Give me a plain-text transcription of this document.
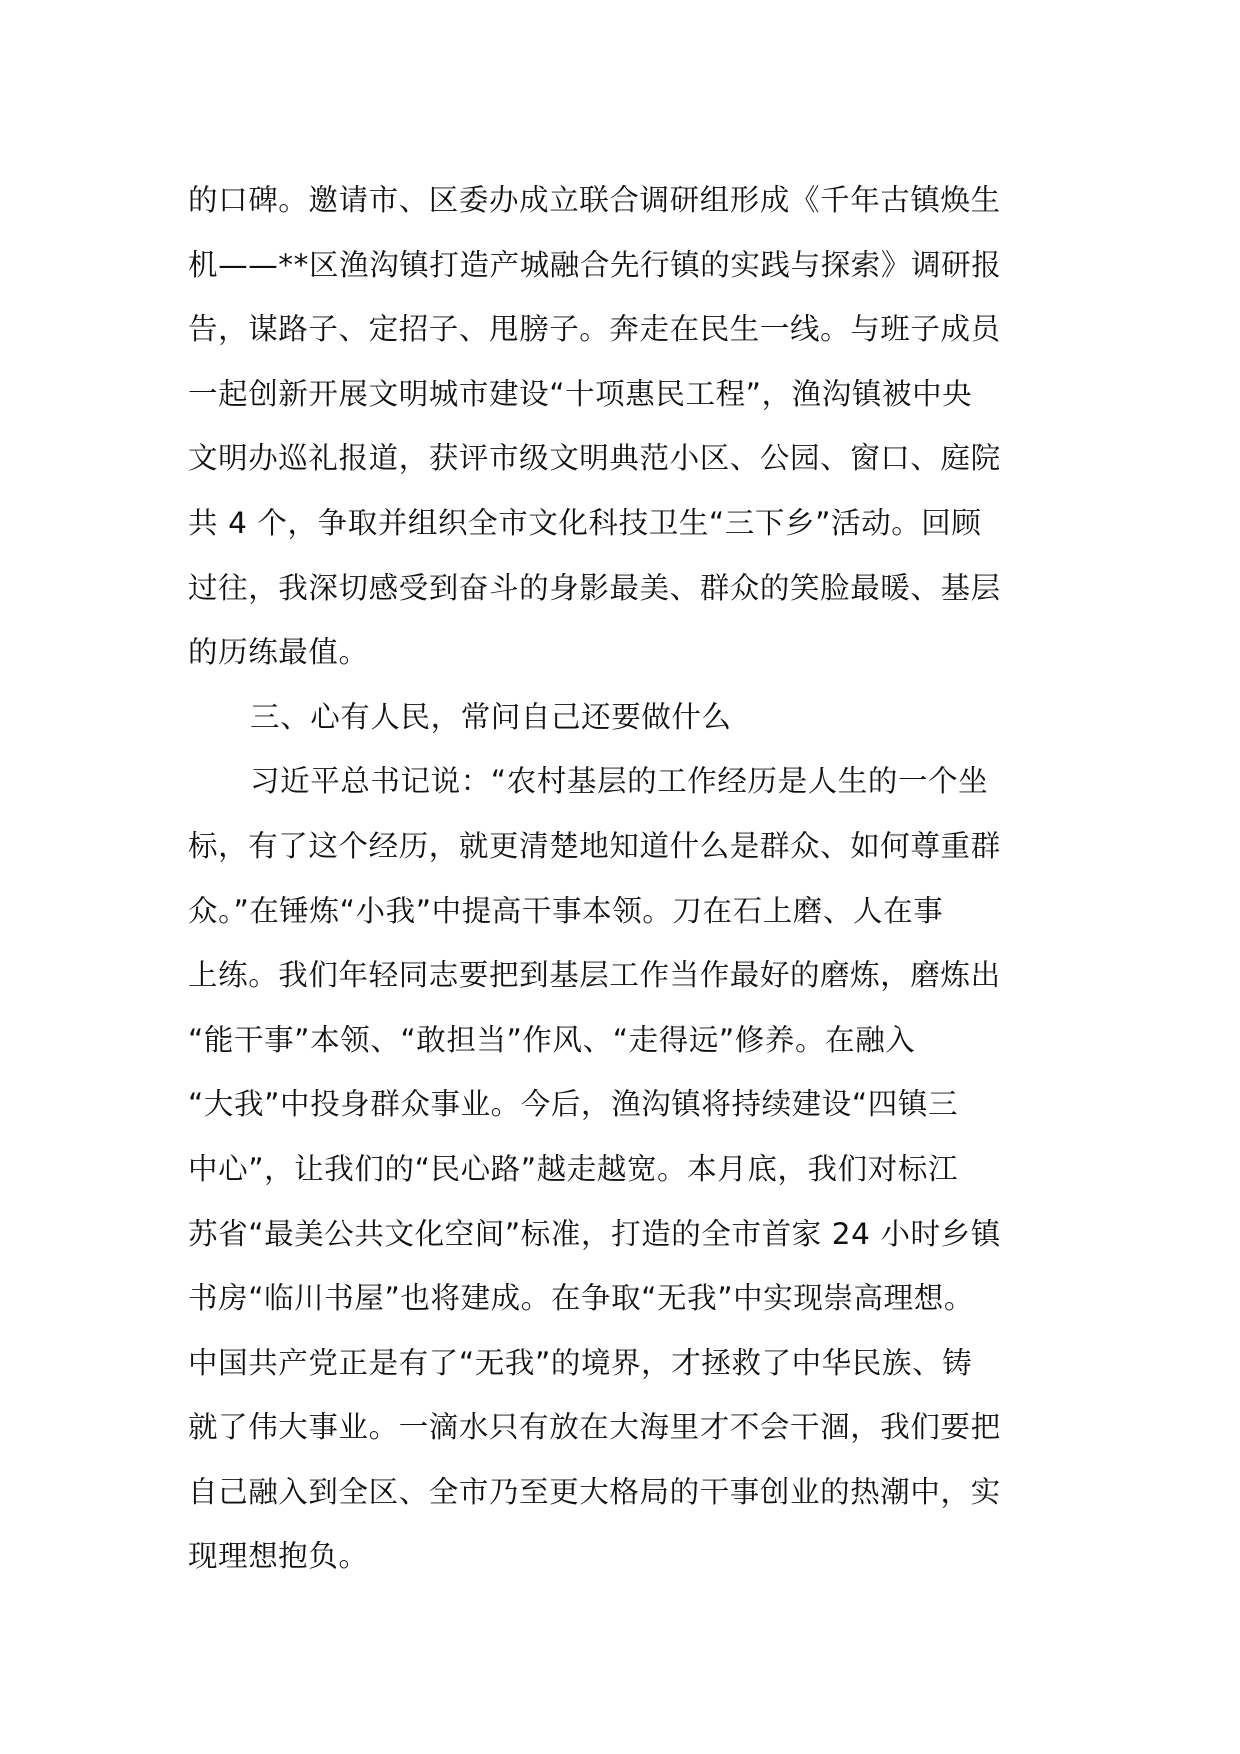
的口碑。邀请市、区委办成立联合调研组形成《千年古镇焕生
机——**区渔沟镇打造产城融合先行镇的实践与探索》调研报
告，谋路子、定招子、甩膀子。奔走在民生一线。与班子成员
一起创新开展文明城市建设“十项惠民工程”，渔沟镇被中央
文明办巡礼报道，获评市级文明典范小区、公园、窗口、庭院
共 4 个，争取并组织全市文化科技卫生“三下乡”活动。回顾
过往，我深切感受到奋斗的身影最美、群众的笑脸最暖、基层
的历练最值。
三、心有人民，常问自己还要做什么
习近平总书记说：“农村基层的工作经历是人生的一个坐
标，有了这个经历，就更清楚地知道什么是群众、如何尊重群
众。”在锤炼“小我”中提高干事本领。刀在石上磨、人在事
上练。我们年轻同志要把到基层工作当作最好的磨炼，磨炼出
“能干事”本领、“敢担当”作风、“走得远”修养。在融入
“大我”中投身群众事业。今后，渔沟镇将持续建设“四镇三
中心”，让我们的“民心路”越走越宽。本月底，我们对标江
苏省“最美公共文化空间”标准，打造的全市首家 24 小时乡镇
书房“临川书屋”也将建成。在争取“无我”中实现崇高理想。
中国共产党正是有了“无我”的境界，才拯救了中华民族、铸
就了伟大事业。一滴水只有放在大海里才不会干涸，我们要把
自己融入到全区、全市乃至更大格局的干事创业的热潮中，实
现理想抱负。
